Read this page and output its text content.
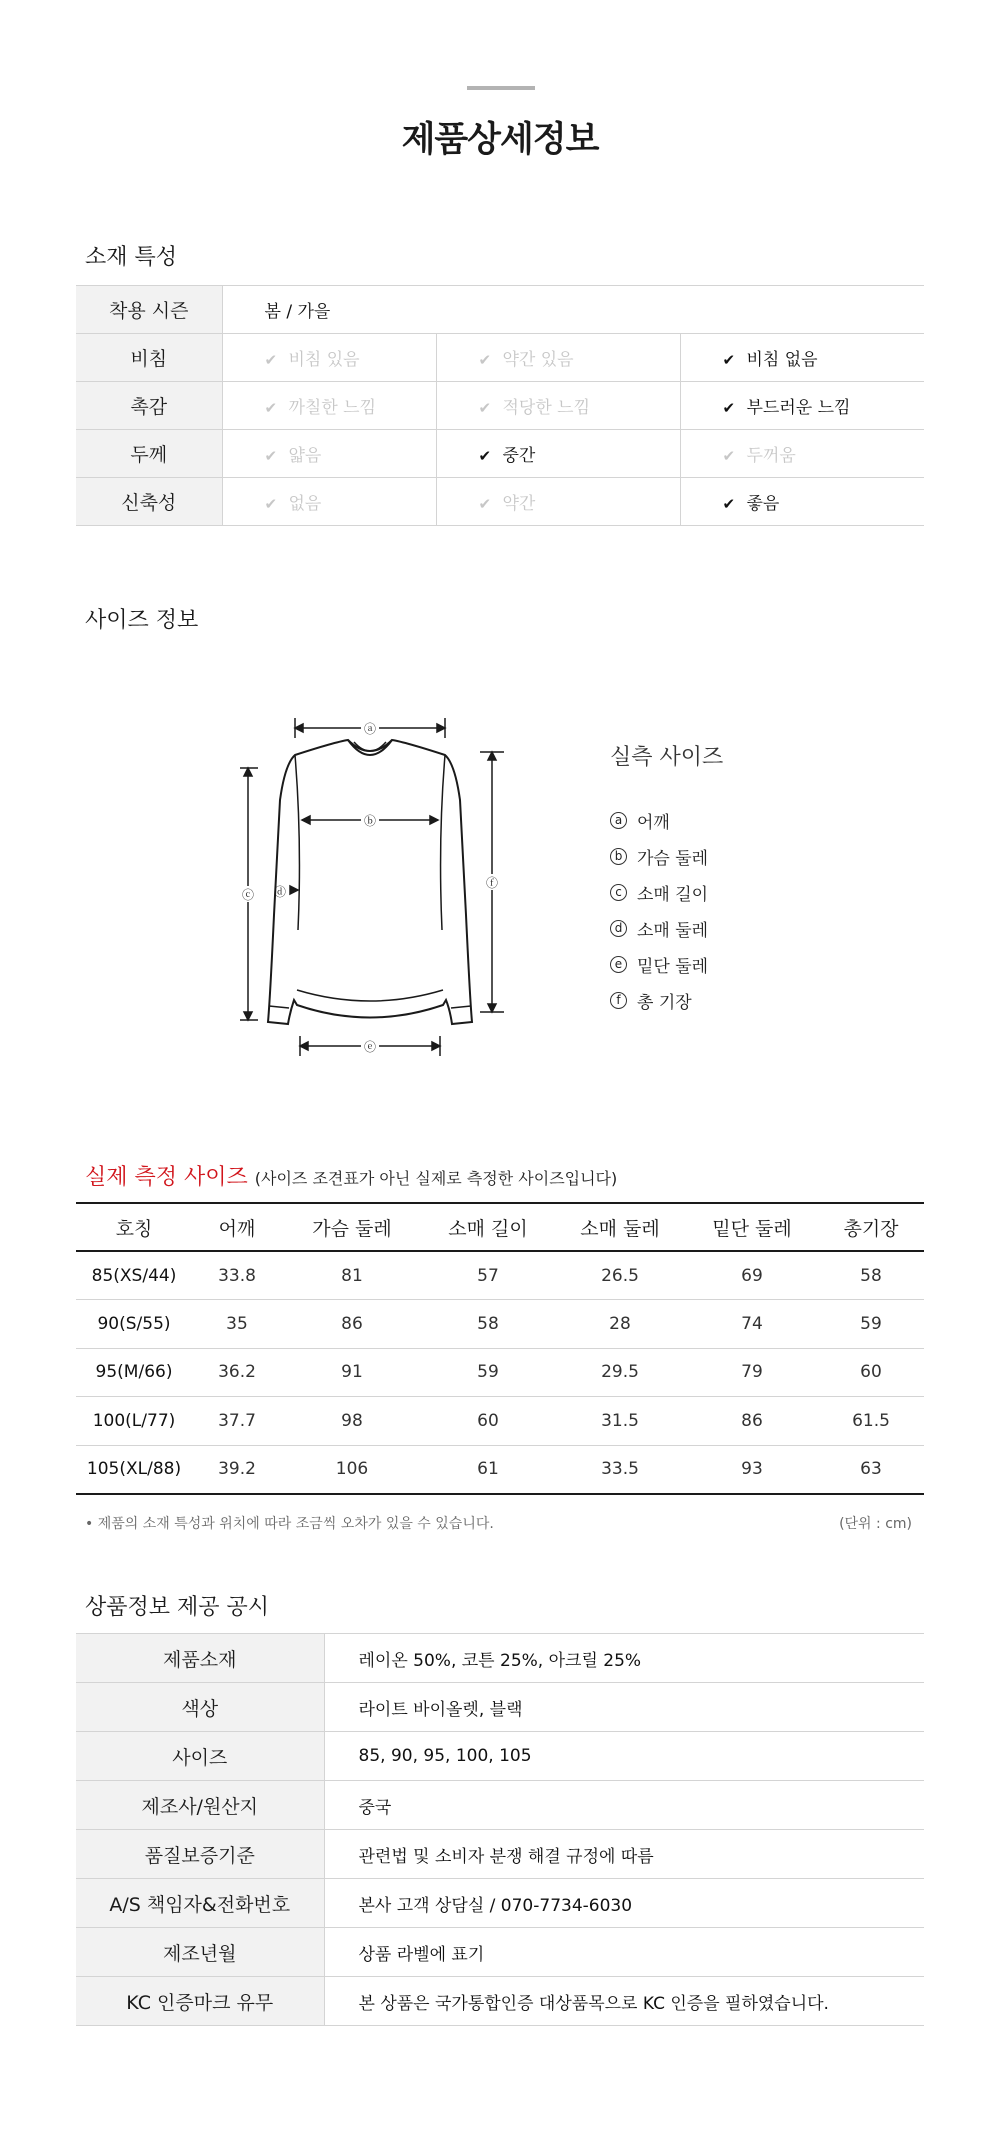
제품상세정보
소재 특성
착용 시즌	봄 / 가을		
비침	✔ 비침 있음	✔ 약간 있음	✔ 비침 없음
촉감	✔ 까칠한 느낌	✔ 적당한 느낌	✔ 부드러운 느낌
두께	✔ 얇음	✔ 중간	✔ 두꺼움
신축성	✔ 없음	✔ 약간	✔ 좋음
사이즈 정보
ⓐ
ⓑ
ⓒ ⓓ
ⓔ
ⓕ
실측 사이즈
a 어깨
b 가슴 둘레
c 소매 길이
d 소매 둘레
e 밑단 둘레
f 총 기장
실제 측정 사이즈 (사이즈 조견표가 아닌 실제로 측정한 사이즈입니다)
호칭	어깨	가슴 둘레	소매 길이	소매 둘레	밑단 둘레	총기장
85(XS/44)	33.8	81	57	26.5	69	58
90(S/55)	35	86	58	28	74	59
95(M/66)	36.2	91	59	29.5	79	60
100(L/77)	37.7	98	60	31.5	86	61.5
105(XL/88)	39.2	106	61	33.5	93	63
• 제품의 소재 특성과 위치에 따라 조금씩 오차가 있을 수 있습니다.	(단위 : cm)
상품정보 제공 공시
제품소재	레이온 50%, 코튼 25%, 아크릴 25%
색상	라이트 바이올렛, 블랙
사이즈	85, 90, 95, 100, 105
제조사/원산지	중국
품질보증기준	관련법 및 소비자 분쟁 해결 규정에 따름
A/S 책임자&전화번호	본사 고객 상담실 / 070-7734-6030
제조년월	상품 라벨에 표기
KC 인증마크 유무	본 상품은 국가통합인증 대상품목으로 KC 인증을 필하였습니다.
